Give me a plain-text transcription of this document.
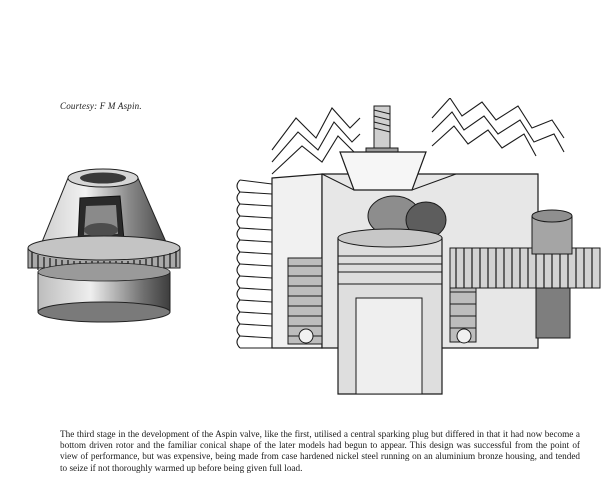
Courtesy: F M Aspin.
The third stage in the development of the Aspin valve, like the first, utilised a central sparking plug but differed in that it had now become a bottom driven rotor and the familiar conical shape of the later models had begun to appear. This design was successful from the point of view of performance, but was expensive, being made from case hardened nickel steel running on an aluminium bronze housing, and tended to seize if not thoroughly warmed up before being given full load.
